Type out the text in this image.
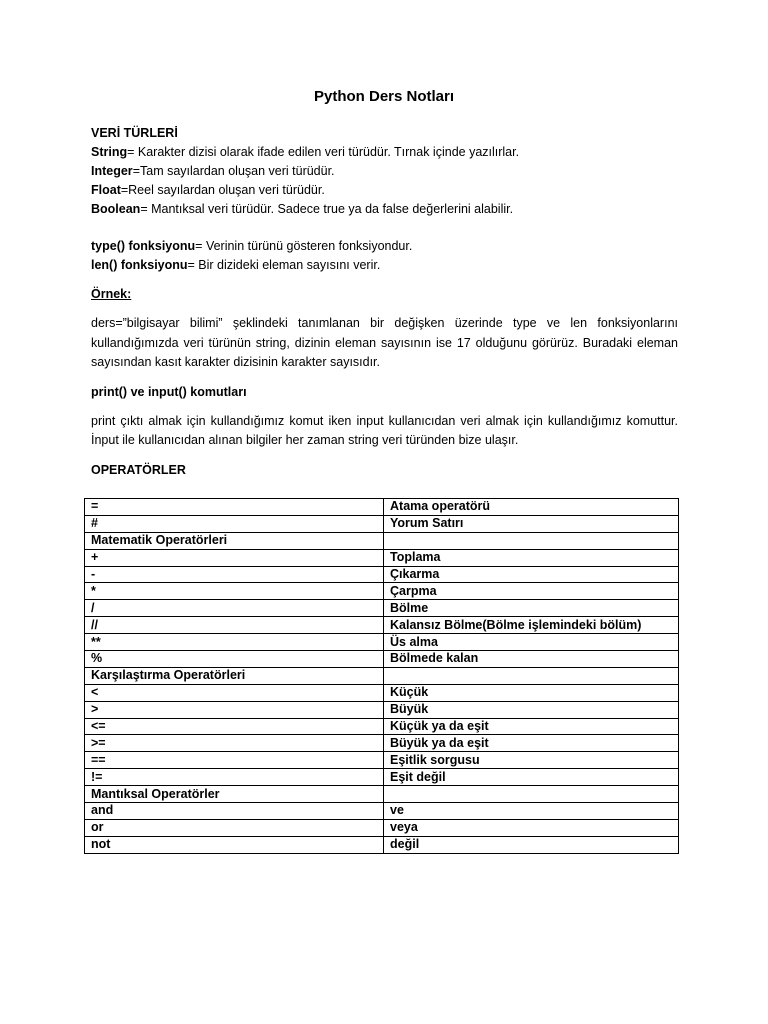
Python Ders Notları
VERİ TÜRLERİ
String= Karakter dizisi olarak ifade edilen veri türüdür. Tırnak içinde yazılırlar.
Integer=Tam sayılardan oluşan veri türüdür.
Float=Reel sayılardan oluşan veri türüdür.
Boolean= Mantıksal veri türüdür. Sadece true ya da false değerlerini alabilir.
type() fonksiyonu= Verinin türünü gösteren fonksiyondur.
len() fonksiyonu= Bir dizideki eleman sayısını verir.
Örnek:
ders=”bilgisayar bilimi” şeklindeki tanımlanan bir değişken üzerinde type ve len fonksiyonlarını kullandığımızda veri türünün string, dizinin eleman sayısının ise 17 olduğunu görürüz. Buradaki eleman sayısından kasıt karakter dizisinin karakter sayısıdır.
print() ve input() komutları
print çıktı almak için kullandığımız komut iken input kullanıcıdan veri almak için kullandığımız komuttur. İnput ile kullanıcıdan alınan bilgiler her zaman string veri türünden bize ulaşır.
OPERATÖRLER
=	Atama operatörü
#	Yorum Satırı
Matematik Operatörleri	
+	Toplama
-	Çıkarma
*	Çarpma
/	Bölme
//	Kalansız Bölme(Bölme işlemindeki bölüm)
**	Üs alma
%	Bölmede kalan
Karşılaştırma Operatörleri	
<	Küçük
>	Büyük
<=	Küçük ya da eşit
>=	Büyük ya da eşit
==	Eşitlik sorgusu
!=	Eşit değil
Mantıksal Operatörler	
and	ve
or	veya
not	değil
